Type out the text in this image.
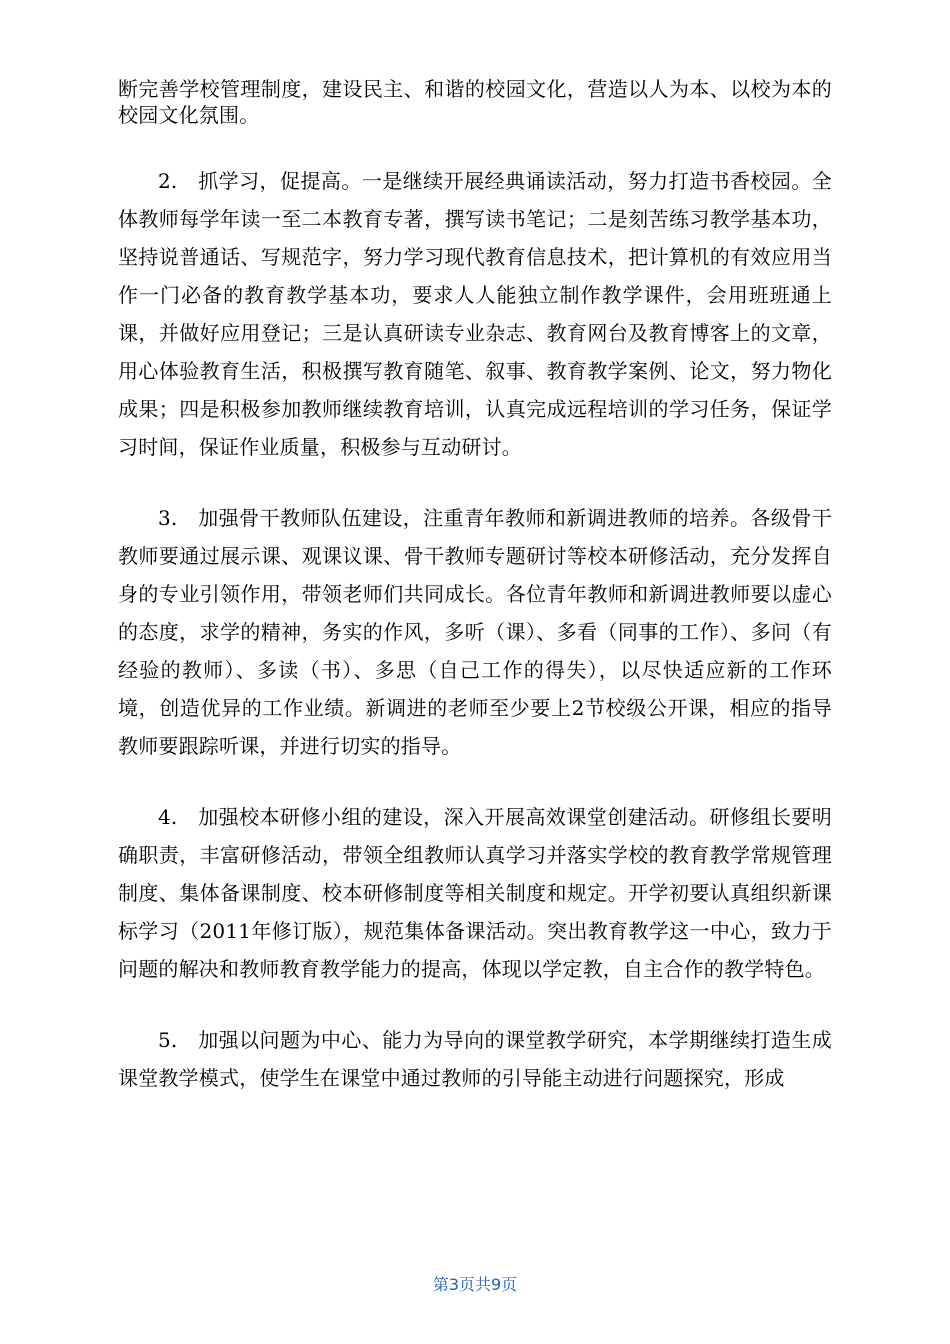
断完善学校管理制度，建设民主、和谐的校园文化，营造以人为本、以校为本的校园文化氛围。

2.　抓学习，促提高。一是继续开展经典诵读活动，努力打造书香校园。全体教师每学年读一至二本教育专著，撰写读书笔记；二是刻苦练习教学基本功，坚持说普通话、写规范字，努力学习现代教育信息技术，把计算机的有效应用当作一门必备的教育教学基本功，要求人人能独立制作教学课件，会用班班通上课，并做好应用登记；三是认真研读专业杂志、教育网台及教育博客上的文章，用心体验教育生活，积极撰写教育随笔、叙事、教育教学案例、论文，努力物化成果；四是积极参加教师继续教育培训，认真完成远程培训的学习任务，保证学习时间，保证作业质量，积极参与互动研讨。

3.　加强骨干教师队伍建设，注重青年教师和新调进教师的培养。各级骨干教师要通过展示课、观课议课、骨干教师专题研讨等校本研修活动，充分发挥自身的专业引领作用，带领老师们共同成长。各位青年教师和新调进教师要以虚心的态度，求学的精神，务实的作风，多听（课）、多看（同事的工作）、多问（有经验的教师）、多读（书）、多思（自己工作的得失），以尽快适应新的工作环境，创造优异的工作业绩。新调进的老师至少要上2节校级公开课，相应的指导教师要跟踪听课，并进行切实的指导。

4.　加强校本研修小组的建设，深入开展高效课堂创建活动。研修组长要明确职责，丰富研修活动，带领全组教师认真学习并落实学校的教育教学常规管理制度、集体备课制度、校本研修制度等相关制度和规定。开学初要认真组织新课标学习（2011年修订版），规范集体备课活动。突出教育教学这一中心，致力于问题的解决和教师教育教学能力的提高，体现以学定教，自主合作的教学特色。

5.　加强以问题为中心、能力为导向的课堂教学研究，本学期继续打造生成课堂教学模式，使学生在课堂中通过教师的引导能主动进行问题探究，形成

第3页共9页
